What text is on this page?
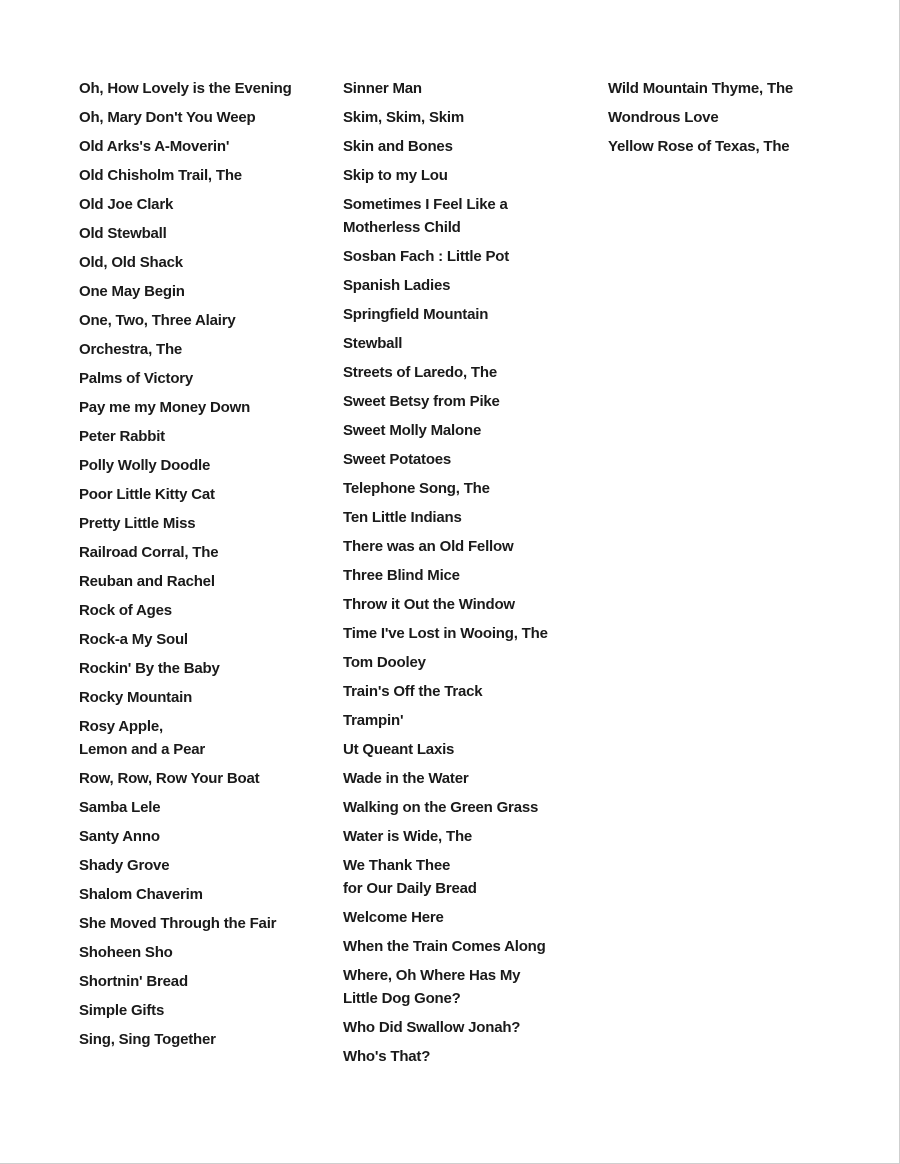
Oh, How Lovely is the Evening
Oh, Mary Don't You Weep
Old Arks's A-Moverin'
Old Chisholm Trail, The
Old Joe Clark
Old Stewball
Old, Old Shack
One May Begin
One, Two, Three Alairy
Orchestra, The
Palms of Victory
Pay me my Money Down
Peter Rabbit
Polly Wolly Doodle
Poor Little Kitty Cat
Pretty Little Miss
Railroad Corral, The
Reuban and Rachel
Rock of Ages
Rock-a My Soul
Rockin' By the Baby
Rocky Mountain
Rosy Apple,
Lemon and a Pear
Row, Row, Row Your Boat
Samba Lele
Santy Anno
Shady Grove
Shalom Chaverim
She Moved Through the Fair
Shoheen Sho
Shortnin' Bread
Simple Gifts
Sing, Sing Together
Sinner Man
Skim, Skim, Skim
Skin and Bones
Skip to my Lou
Sometimes I Feel Like a
Motherless Child
Sosban Fach : Little Pot
Spanish Ladies
Springfield Mountain
Stewball
Streets of Laredo, The
Sweet Betsy from Pike
Sweet Molly Malone
Sweet Potatoes
Telephone Song, The
Ten Little Indians
There was an Old Fellow
Three Blind Mice
Throw it Out the Window
Time I've Lost in Wooing, The
Tom Dooley
Train's Off the Track
Trampin'
Ut Queant Laxis
Wade in the Water
Walking on the Green Grass
Water is Wide, The
We Thank Thee
for Our Daily Bread
Welcome Here
When the Train Comes Along
Where, Oh Where Has My
Little Dog Gone?
Who Did Swallow Jonah?
Who's That?
Wild Mountain Thyme, The
Wondrous Love
Yellow Rose of Texas, The
